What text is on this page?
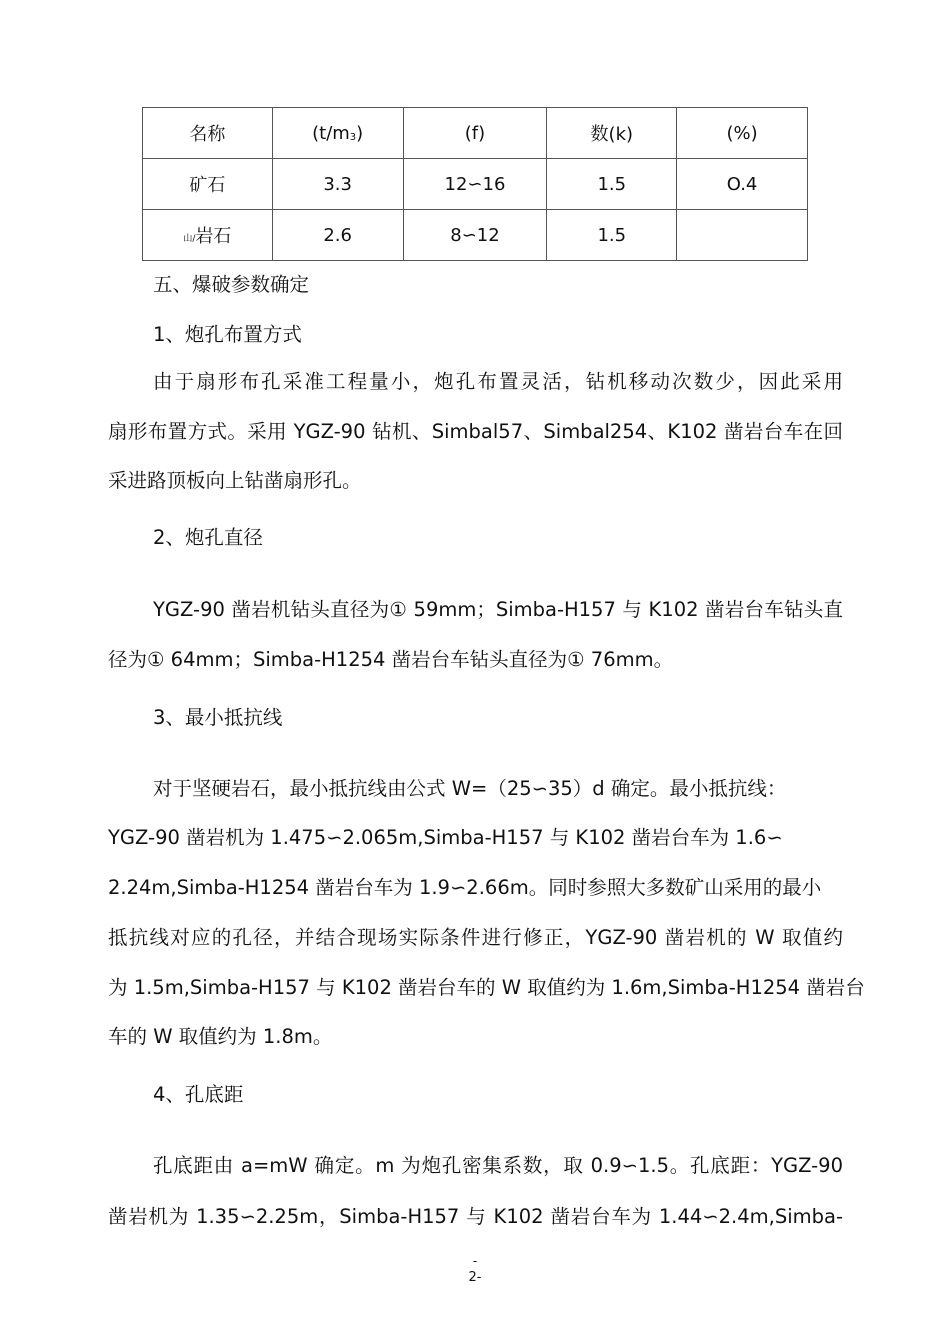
名称	(t/m3)	(f)	数(k)	(%)
矿石	3.3	12∽16	1.5	O.4
山/岩石	2.6	8∽12	1.5	
五、爆破参数确定
1、炮孔布置方式
由于扇形布孔采准工程量小，炮孔布置灵活，钻机移动次数少，因此采用
扇形布置方式。采用 YGZ-90 钻机、Simbal57、Simbal254、K102 凿岩台车在回
采进路顶板向上钻凿扇形孔。
2、炮孔直径
YGZ-90 凿岩机钻头直径为① 59mm；Simba-H157 与 K102 凿岩台车钻头直
径为① 64mm；Simba-H1254 凿岩台车钻头直径为① 76mm。
3、最小抵抗线
对于坚硬岩石，最小抵抗线由公式 W=（25∽35）d 确定。最小抵抗线：
YGZ-90 凿岩机为 1.475∽2.065m,Simba-H157 与 K102 凿岩台车为 1.6∽
2.24m,Simba-H1254 凿岩台车为 1.9∽2.66m。同时参照大多数矿山采用的最小
抵抗线对应的孔径，并结合现场实际条件进行修正，YGZ-90 凿岩机的 W 取值约
为 1.5m,Simba-H157 与 K102 凿岩台车的 W 取值约为 1.6m,Simba-H1254 凿岩台
车的 W 取值约为 1.8m。
4、孔底距
孔底距由 a=mW 确定。m 为炮孔密集系数，取 0.9∽1.5。孔底距：YGZ-90
凿岩机为 1.35∽2.25m，Simba-H157 与 K102 凿岩台车为 1.44∽2.4m,Simba-
-
2-
